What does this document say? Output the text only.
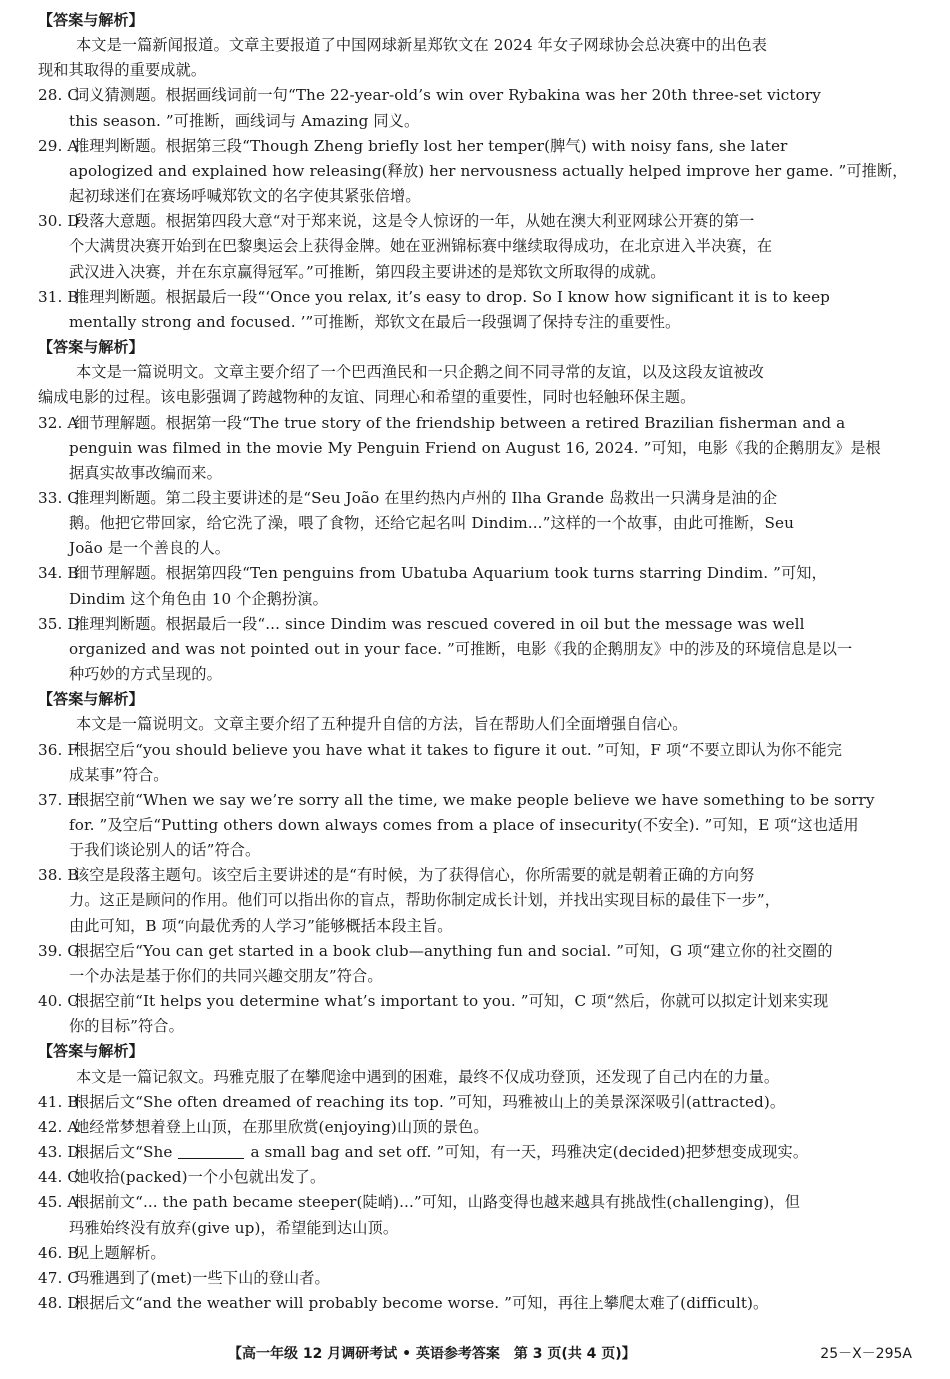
【答案与解析】
本文是一篇新闻报道。文章主要报道了中国网球新星郑钦文在 2024 年女子网球协会总决赛中的出色表
现和其取得的重要成就。
28. C 词义猜测题。根据画线词前一句“The 22-year-old’s win over Rybakina was her 20th three-set victory
this season. ”可推断，画线词与 Amazing 同义。
29. A 推理判断题。根据第三段“Though Zheng briefly lost her temper(脾气) with noisy fans, she later
apologized and explained how releasing(释放) her nervousness actually helped improve her game. ”可推断，
起初球迷们在赛场呼喊郑钦文的名字使其紧张倍增。
30. D 段落大意题。根据第四段大意“对于郑来说，这是令人惊讶的一年，从她在澳大利亚网球公开赛的第一
个大满贯决赛开始到在巴黎奥运会上获得金牌。她在亚洲锦标赛中继续取得成功，在北京进入半决赛，在
武汉进入决赛，并在东京赢得冠军。”可推断，第四段主要讲述的是郑钦文所取得的成就。
31. B 推理判断题。根据最后一段“‘Once you relax, it’s easy to drop. So I know how significant it is to keep
mentally strong and focused. ’”可推断，郑钦文在最后一段强调了保持专注的重要性。
【答案与解析】
本文是一篇说明文。文章主要介绍了一个巴西渔民和一只企鹅之间不同寻常的友谊，以及这段友谊被改
编成电影的过程。该电影强调了跨越物种的友谊、同理心和希望的重要性，同时也轻触环保主题。
32. A 细节理解题。根据第一段“The true story of the friendship between a retired Brazilian fisherman and a
penguin was filmed in the movie My Penguin Friend on August 16, 2024. ”可知，电影《我的企鹅朋友》是根
据真实故事改编而来。
33. C 推理判断题。第二段主要讲述的是“Seu João 在里约热内卢州的 Ilha Grande 岛救出一只满身是油的企
鹅。他把它带回家，给它洗了澡，喂了食物，还给它起名叫 Dindim...”这样的一个故事，由此可推断，Seu
João 是一个善良的人。
34. B 细节理解题。根据第四段“Ten penguins from Ubatuba Aquarium took turns starring Dindim. ”可知，
Dindim 这个角色由 10 个企鹅扮演。
35. D 推理判断题。根据最后一段“... since Dindim was rescued covered in oil but the message was well
organized and was not pointed out in your face. ”可推断，电影《我的企鹅朋友》中的涉及的环境信息是以一
种巧妙的方式呈现的。
【答案与解析】
本文是一篇说明文。文章主要介绍了五种提升自信的方法，旨在帮助人们全面增强自信心。
36. F 根据空后“you should believe you have what it takes to figure it out. ”可知，F 项“不要立即认为你不能完
成某事”符合。
37. E 根据空前“When we say we’re sorry all the time, we make people believe we have something to be sorry
for. ”及空后“Putting others down always comes from a place of insecurity(不安全). ”可知，E 项“这也适用
于我们谈论别人的话”符合。
38. B 该空是段落主题句。该空后主要讲述的是“有时候，为了获得信心，你所需要的就是朝着正确的方向努
力。这正是顾问的作用。他们可以指出你的盲点，帮助你制定成长计划，并找出实现目标的最佳下一步”，
由此可知，B 项“向最优秀的人学习”能够概括本段主旨。
39. G 根据空后“You can get started in a book club—anything fun and social. ”可知，G 项“建立你的社交圈的
一个办法是基于你们的共同兴趣交朋友”符合。
40. C 根据空前“It helps you determine what’s important to you. ”可知，C 项“然后，你就可以拟定计划来实现
你的目标”符合。
【答案与解析】
本文是一篇记叙文。玛雅克服了在攀爬途中遇到的困难，最终不仅成功登顶，还发现了自己内在的力量。
41. B 根据后文“She often dreamed of reaching its top. ”可知，玛雅被山上的美景深深吸引(attracted)。
42. A 她经常梦想着登上山顶，在那里欣赏(enjoying)山顶的景色。
43. D 根据后文“She	a small bag and set off. ”可知，有一天，玛雅决定(decided)把梦想变成现实。
44. C 她收拾(packed)一个小包就出发了。
45. A 根据前文“... the path became steeper(陡峭)...”可知，山路变得也越来越具有挑战性(challenging)，但
玛雅始终没有放弃(give up)，希望能到达山顶。
46. B 见上题解析。
47. C 玛雅遇到了(met)一些下山的登山者。
48. D 根据后文“and the weather will probably become worse. ”可知，再往上攀爬太难了(difficult)。
【高一年级 12 月调研考试 • 英语参考答案　第 3 页(共 4 页)】	25－X－295A
